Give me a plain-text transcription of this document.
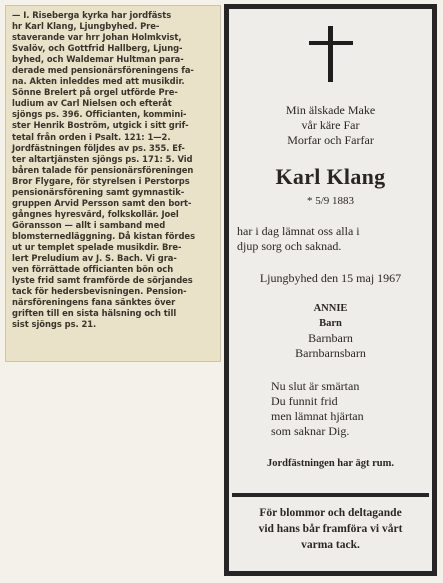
— I. Riseberga kyrka har jordfästs
hr Karl Klang, Ljungbyhed. Pre-
staverande var hrr Johan Holmkvist,
Svalöv, och Gottfrid Hallberg, Ljung-
byhed, och Waldemar Hultman para-
derade med pensionärsföreningens fa-
na. Akten inleddes med att musikdir.
Sönne Brelert på orgel utförde Pre-
ludium av Carl Nielsen och efteråt
sjöngs ps. 396. Officianten, kommini-
ster Henrik Boström, utgick i sitt grif-
tetal från orden i Psalt. 121: 1—2.
Jordfästningen följdes av ps. 355. Ef-
ter altartjänsten sjöngs ps. 171: 5. Vid
båren talade för pensionärsföreningen
Bror Flygare, för styrelsen i Perstorps
pensionärsförening samt gymnastik-
gruppen Arvid Persson samt den bort-
gångnes hyresvärd, folkskollär. Joel
Göransson — allt i samband med
blomsternedläggning. Då kistan fördes
ut ur templet spelade musikdir. Bre-
lert Preludium av J. S. Bach. Vi gra-
ven förrättade officianten bön och
lyste frid samt framförde de sörjandes
tack för hedersbevisningen. Pension-
närsföreningens fana sänktes över
griften till en sista hälsning och till
sist sjöngs ps. 21.
Min älskade Make
vår käre Far
Morfar och Farfar
Karl Klang
* 5/9 1883
har i dag lämnat oss alla i
djup sorg och saknad.
Ljungbyhed den 15 maj 1967
ANNIE
Barn
Barnbarn
Barnbarnsbarn
Nu slut är smärtan
Du funnit frid
men lämnat hjärtan
som saknar Dig.
Jordfästningen har ägt rum.
För blommor och deltagande
vid hans bår framföra vi vårt
varma tack.
